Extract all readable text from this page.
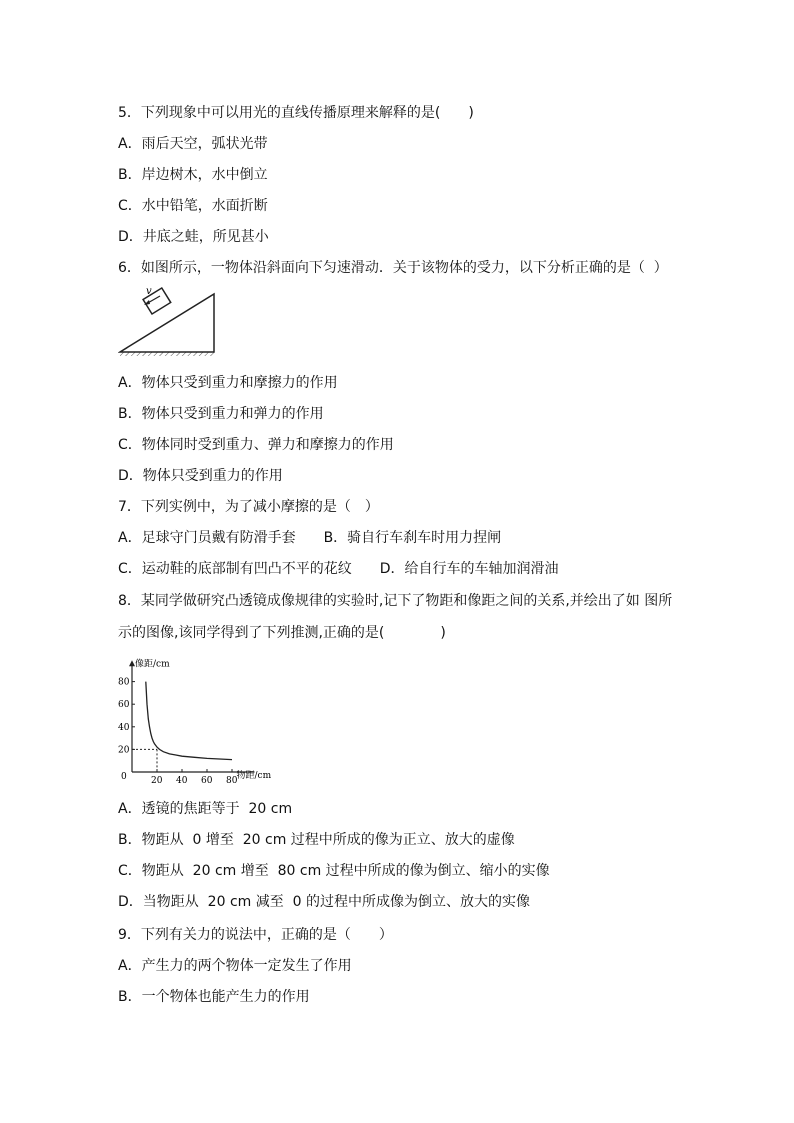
5．下列现象中可以用光的直线传播原理来解释的是(　　)
A．雨后天空，弧状光带
B．岸边树木，水中倒立
C．水中铅笔，水面折断
D．井底之蛙，所见甚小
6．如图所示，一物体沿斜面向下匀速滑动．关于该物体的受力，以下分析正确的是（  ）
v
A．物体只受到重力和摩擦力的作用
B．物体只受到重力和弹力的作用
C．物体同时受到重力、弹力和摩擦力的作用
D．物体只受到重力的作用
7．下列实例中，为了减小摩擦的是（　）
A．足球守门员戴有防滑手套　　B．骑自行车刹车时用力捏闸
C．运动鞋的底部制有凹凸不平的花纹　　D．给自行车的车轴加润滑油
8．某同学做研究凸透镜成像规律的实验时,记下了物距和像距之间的关系,并绘出了如 图所
示的图像,该同学得到了下列推测,正确的是(　　　　)
像距/cm
物距/cm
0	20 40 60 80
20
40
60
80
A．透镜的焦距等于  20 cm
B．物距从  0 增至  20 cm 过程中所成的像为正立、放大的虚像
C．物距从  20 cm 增至  80 cm 过程中所成的像为倒立、缩小的实像
D．当物距从  20 cm 减至  0 的过程中所成像为倒立、放大的实像
9．下列有关力的说法中，正确的是（　　）
A．产生力的两个物体一定发生了作用
B．一个物体也能产生力的作用
